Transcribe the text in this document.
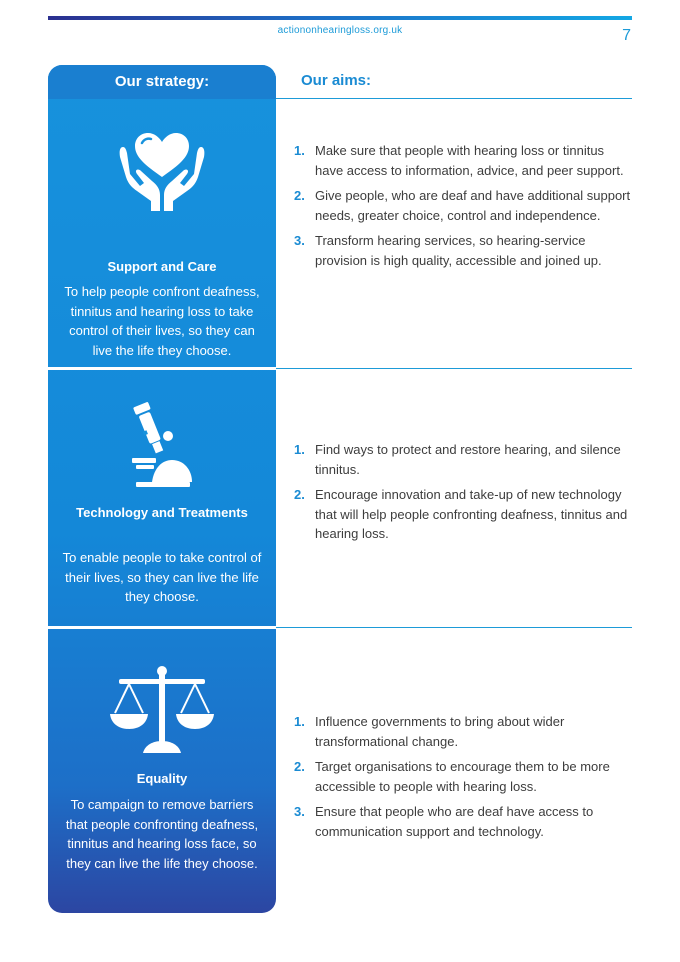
actiononhearingloss.org.uk	7
Our strategy:
Support and Care
To help people confront deafness, tinnitus and hearing loss to take control of their lives, so they can live the life they choose.
Technology and Treatments
To enable people to take control of their lives, so they can live the life they choose.
Equality
To campaign to remove barriers that people confronting deafness, tinnitus and hearing loss face, so they can live the life they choose.
Our aims:
1. Make sure that people with hearing loss or tinnitus have access to information, advice, and peer support.
2. Give people, who are deaf and have additional support needs, greater choice, control and independence.
3. Transform hearing services, so hearing-service provision is high quality, accessible and joined up.
1. Find ways to protect and restore hearing, and silence tinnitus.
2. Encourage innovation and take-up of new technology that will help people confronting deafness, tinnitus and hearing loss.
1. Influence governments to bring about wider transformational change.
2. Target organisations to encourage them to be more accessible to people with hearing loss.
3. Ensure that people who are deaf have access to communication support and technology.
